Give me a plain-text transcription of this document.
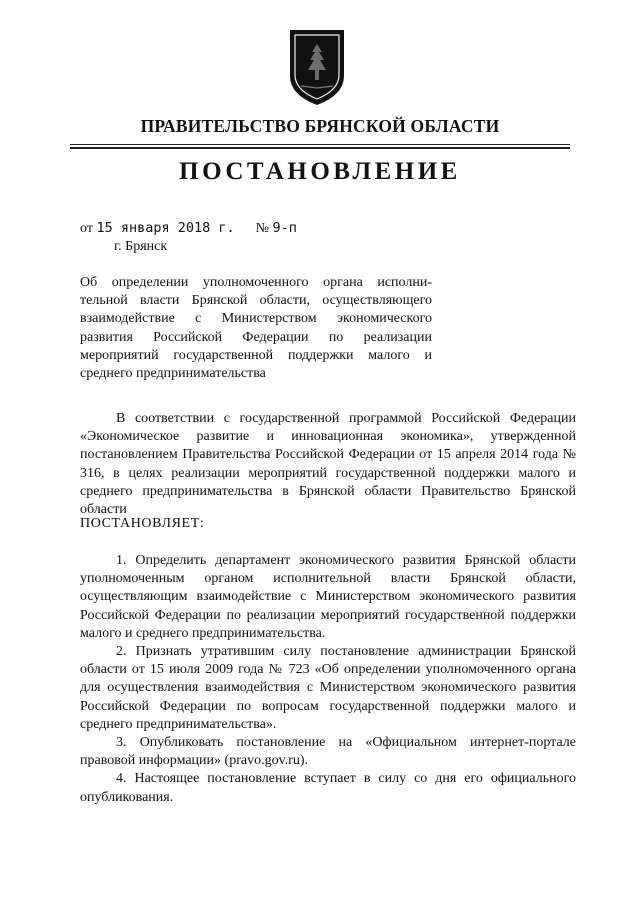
ПРАВИТЕЛЬСТВО БРЯНСКОЙ ОБЛАСТИ
ПОСТАНОВЛЕНИЕ
от 15 января 2018 г. № 9-п
г. Брянск
Об определении уполномоченного органа исполни-
тельной власти Брянской области, осуществляющего
взаимодействие с Министерством экономического
развития Российской Федерации по реализации
мероприятий государственной поддержки малого и
среднего предпринимательства

В соответствии с государственной программой Российской Федерации «Экономическое развитие и инновационная экономика», утвержденной постановлением Правительства Российской Федерации от 15 апреля 2014 года № 316, в целях реализации мероприятий государственной поддержки малого и среднего предпринимательства в Брянской области Правительство Брянской области

ПОСТАНОВЛЯЕТ:

1. Определить департамент экономического развития Брянской области уполномоченным органом исполнительной власти Брянской области, осуществляющим взаимодействие с Министерством экономического развития Российской Федерации по реализации мероприятий государственной поддержки малого и среднего предпринимательства.

2. Признать утратившим силу постановление администрации Брянской области от 15 июля 2009 года № 723 «Об определении уполномоченного органа для осуществления взаимодействия с Министерством экономического развития Российской Федерации по вопросам государственной поддержки малого и среднего предпринимательства».

3. Опубликовать постановление на «Официальном интернет-портале правовой информации» (pravo.gov.ru).

4. Настоящее постановление вступает в силу со дня его официального опубликования.
